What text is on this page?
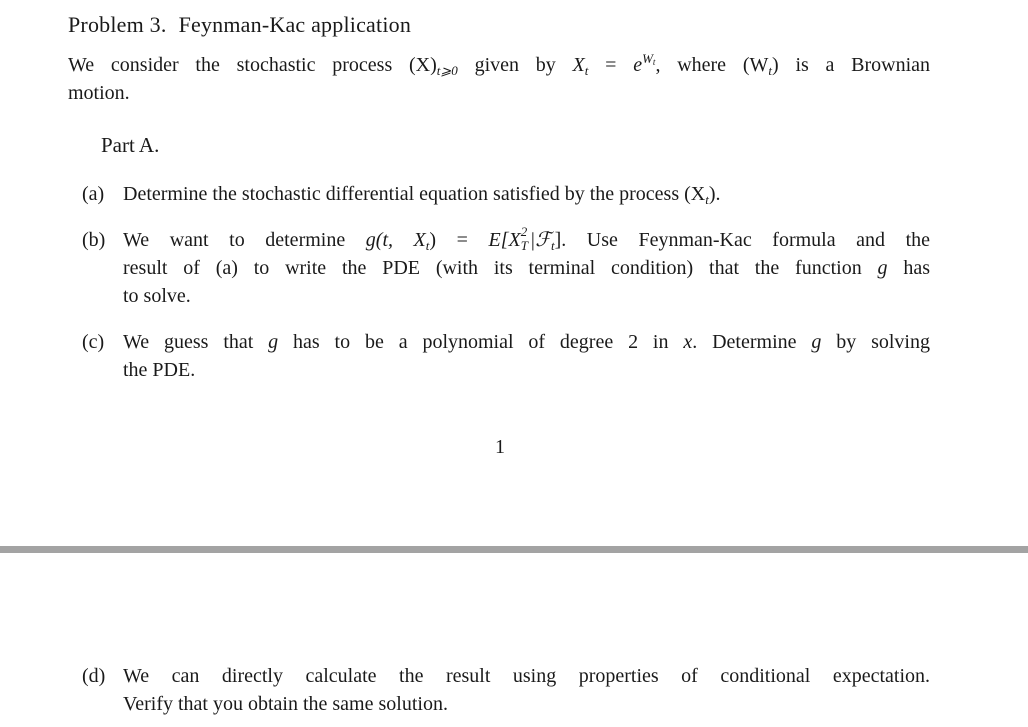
Problem 3. Feynman-Kac application
We consider the stochastic process $(X)_{t⩾0}$ given by $X_t = e^{Wt}$, where $(W_t)$ is a Brownian
motion.
Part A.
(a) Determine the stochastic differential equation satisfied by the process $(X_t)$.
(b) We want to determine g(t, $X_t) = E[X$ 2
T |ℱ$_t$]. Use Feynman-Kac formula and the
result of (a) to write the PDE (with its terminal condition) that the function g has
to solve.
(c) We guess that g has to be a polynomial of degree 2 in x. Determine g by solving
the PDE.
1
(d) We can directly calculate the result using properties of conditional expectation.
Verify that you obtain the same solution.
